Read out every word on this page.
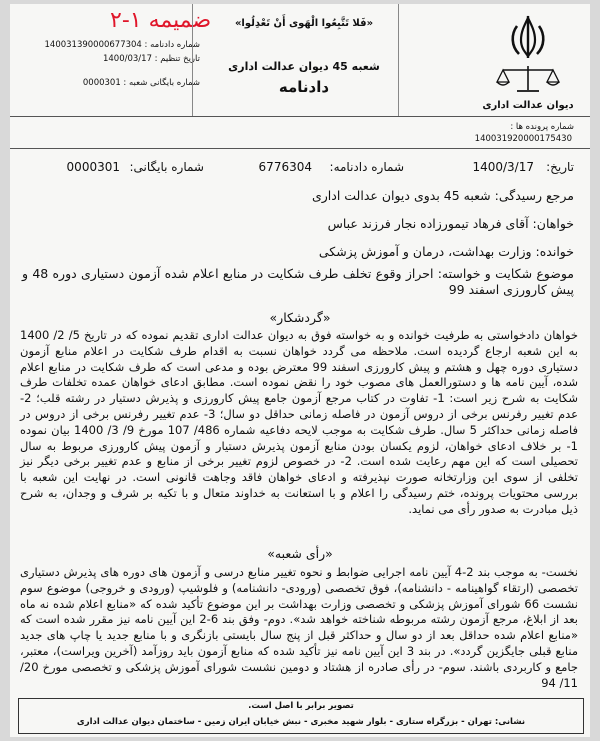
دیوان عدالت اداری
«فَلا تَتَّبِعُوا الْهَوی أَنْ تَعْدِلُوا»
شعبه 45 دیوان عدالت اداری
دادنامه
ضمیمه ۱-۲
شماره دادنامه : 140031390000677304
تاریخ تنظیم : 1400/03/17
شماره بایگانی شعبه : 0000301
شماره پرونده ها :
140031920000175430
تاریخ:
1400/3/17
شماره دادنامه:
6776304
شماره بایگانی:
0000301
مرجع رسیدگی: شعبه 45 بدوی دیوان عدالت اداری
خواهان: آقای فرهاد تیمورزاده نجار فرزند عباس
خوانده: وزارت بهداشت، درمان و آموزش پزشکی
موضوع شکایت و خواسته: احراز وقوع تخلف طرف شکایت در منابع اعلام شده آزمون دستیاری دوره 48 و پیش کارورزی اسفند 99
«گردشکار»

خواهان دادخواستی به طرفیت خوانده و به خواسته فوق به دیوان عدالت اداری تقدیم نموده که در تاریخ 5/ 2/ 1400 به این شعبه ارجاع گردیده است. ملاحظه می گردد خواهان نسبت به اقدام طرف شکایت در اعلام منابع آزمون دستیاری دوره چهل و هشتم و پیش کارورزی اسفند 99 معترض بوده و مدعی است که طرف شکایت در منابع اعلام شده، آیین نامه ها و دستورالعمل های مصوب خود را نقض نموده است. مطابق ادعای خواهان عمده تخلفات طرف شکایت به شرح زیر است: 1- تفاوت در کتاب مرجع آزمون جامع پیش کارورزی و پذیرش دستیار در رشته قلب؛ 2- عدم تغییر رفرنس برخی از دروس آزمون در فاصله زمانی حداقل دو سال؛ 3- عدم تغییر رفرنس برخی از دروس در فاصله زمانی حداکثر 5 سال. طرف شکایت به موجب لایحه دفاعیه شماره 486/ 107 مورخ 9/ 3/ 1400 بیان نموده 1- بر خلاف ادعای خواهان، لزوم یکسان بودن منابع آزمون پذیرش دستیار و آزمون پیش کارورزی مربوط به سال تحصیلی است که این مهم رعایت شده است. 2- در خصوص لزوم تغییر برخی از منابع و عدم تغییر برخی دیگر نیز تخلفی از سوی این وزارتخانه صورت نپذیرفته و ادعای خواهان فاقد وجاهت قانونی است. در نهایت این شعبه با بررسی محتویات پرونده، ختم رسیدگی را اعلام و با استعانت به خداوند متعال و با تکیه بر شرف و وجدان، به شرح ذیل مبادرت به صدور رأی می نماید.

«رأی شعبه»

نخست- به موجب بند 2-4 آیین نامه اجرایی ضوابط و نحوه تغییر منابع درسی و آزمون های دوره های پذیرش دستیاری تخصصی (ارتقاء گواهینامه - دانشنامه)، فوق تخصصی (ورودی- دانشنامه) و فلوشیپ (ورودی و خروجی) موضوع سوم نشست 66 شورای آموزش پزشکی و تخصصی وزارت بهداشت بر این موضوع تأکید شده که «منابع اعلام شده نه ماه بعد از ابلاغ، مرجع آزمون رشته مربوطه شناخته خواهد شد». دوم- وفق بند 6-2 این آیین نامه نیز مقرر شده است که «منابع اعلام شده حداقل بعد از دو سال و حداکثر قبل از پنج سال بایستی بازنگری و با منابع جدید یا چاپ های جدید منابع قبلی جایگزین گردد». در بند 3 این آیین نامه نیز تأکید شده که منابع آزمون باید روزآمد (آخرین ویراست)، معتبر، جامع و کاربردی باشند. سوم- در رأی صادره از هشتاد و دومین نشست شورای آموزش پزشکی و تخصصی مورخ 20/ 11/ 94

تصویر برابر با اصل است.
نشانی: تهران - بزرگراه ستاری - بلوار شهید مخبری - نبش خیابان ایران زمین - ساختمان دیوان عدالت اداری
